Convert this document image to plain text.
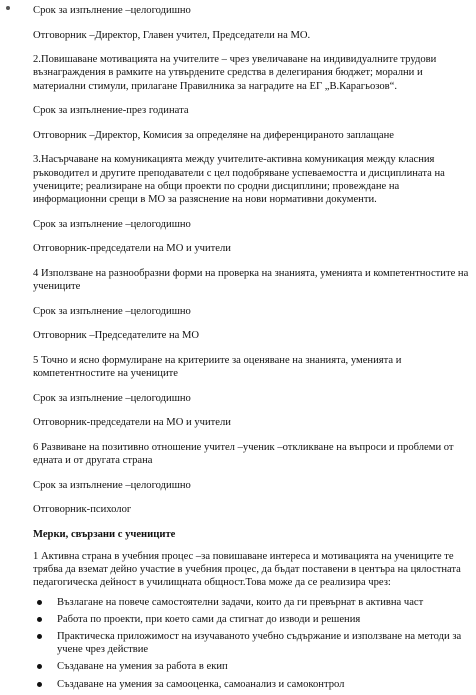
Срок за изпълнение –целогодишно

Отговорник –Директор, Главен учител, Председатели на МО.

2.Повишаване мотивацията на учителите – чрез увеличаване на индивидуалните трудови възнаграждения в рамките на утвърдените средства в делегирания бюджет; морални и материални стимули, прилагане Правилника за наградите на ЕГ „В.Карагьозов“.

Срок за изпълнение-през годината

Отговорник –Директор, Комисия за определяне на диференцираното заплащане

3.Насърчаване на комуникацията между учителите-активна комуникация между класния ръководител и другите преподаватели с цел подобряване успеваемостта и дисциплината на учениците; реализиране на общи проекти по сродни дисциплини; провеждане на информационни срещи в МО за разяснение на нови нормативни документи.

Срок за изпълнение –целогодишно

Отговорник-председатели на МО и учители

4 Използване на разнообразни форми на проверка на знанията, уменията и компетентностите на учениците

Срок за изпълнение –целогодишно

Отговорник –Председателите на МО

5 Точно и ясно формулиране на критериите за оценяване на знанията, уменията и компетентностите на учениците

Срок за изпълнение –целогодишно

Отговорник-председатели на МО и учители

6 Развиване на позитивно отношение учител –ученик –откликване на въпроси и проблеми от едната и от другата страна

Срок за изпълнение –целогодишно

Отговорник-психолог

Мерки, свързани с учениците

1 Активна страна в учебния процес –за повишаване интереса и мотивацията на учениците те трябва да вземат дейно участие в учебния процес, да бъдат поставени в центъра на цялостната педагогическа дейност в училищната общност.Това може да се реализира чрез:

Възлагане на повече самостоятелни задачи, които да ги превърнат в активна част
Работа по проекти, при което сами да стигнат до изводи и решения
Практическа приложимост на изучаваното учебно съдържание и използване на методи за учене чрез действие
Създаване на умения за работа в екип
Създаване на умения за самооценка, самоанализ и самоконтрол
